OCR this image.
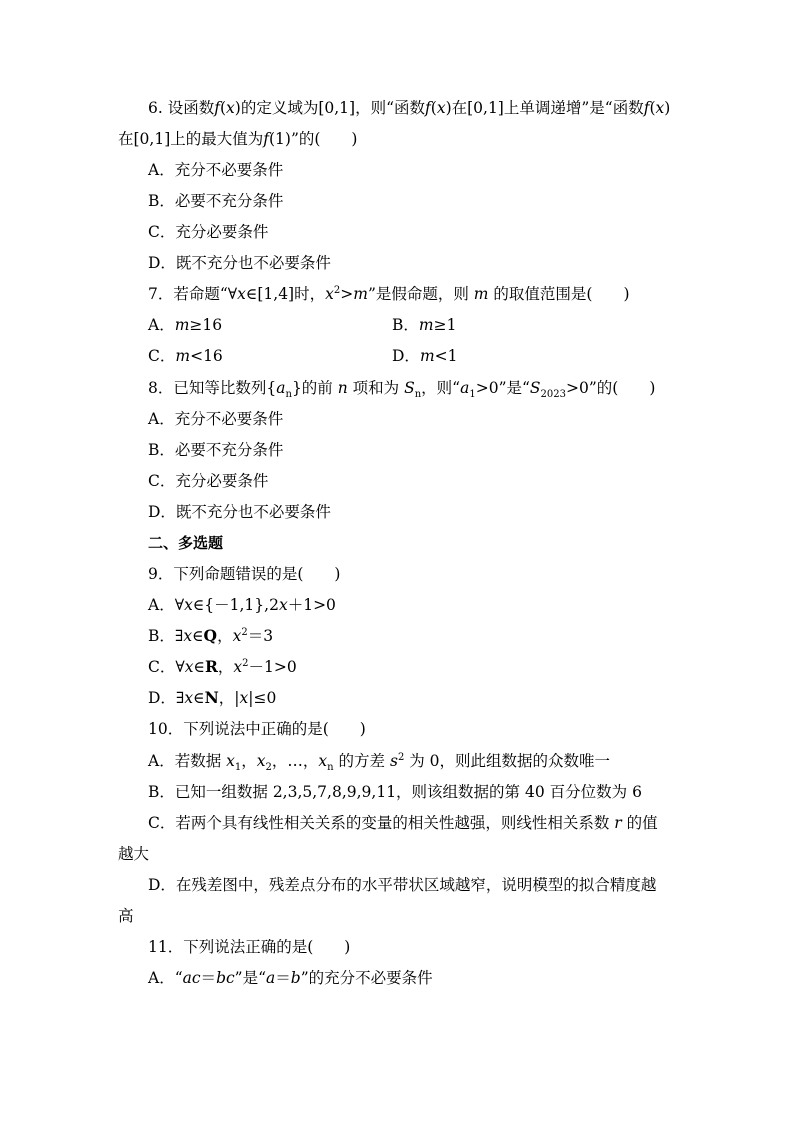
6. 设函数f(x)的定义域为[0,1]，则“函数f(x)在[0,1]上单调递增”是“函数f(x)
在[0,1]上的最大值为f(1)”的(　　)
A．充分不必要条件
B．必要不充分条件
C．充分必要条件
D．既不充分也不必要条件
7．若命题“∀x∈[1,4]时，$x^2>m$”是假命题，则 m 的取值范围是(　　)
A．m≥16	B．m≥1
C．m<16	D．m<1
8．已知等比数列$\{a_n\}$的前 n 项和为 $S_n$，则“$a_1>0$”是“$S_{2023}>0$”的(　　)
A．充分不必要条件
B．必要不充分条件
C．充分必要条件
D．既不充分也不必要条件
二、多选题
9．下列命题错误的是(　　)
A．∀x∈{－1,1},2x＋1>0
B．∃x∈Q，$x^2=3$
C．∀x∈R，$x^2-1>0$
D．∃x∈N，|x|≤0
10．下列说法中正确的是(　　)
A．若数据 $x_1$，$x_2$，…，$x_n$ 的方差 $s^2$ 为 0，则此组数据的众数唯一
B．已知一组数据 2,3,5,7,8,9,9,11，则该组数据的第 40 百分位数为 6
C．若两个具有线性相关关系的变量的相关性越强，则线性相关系数 r 的值
越大
D．在残差图中，残差点分布的水平带状区域越窄，说明模型的拟合精度越
高
11．下列说法正确的是(　　)
A．“ac＝bc”是“a＝b”的充分不必要条件
